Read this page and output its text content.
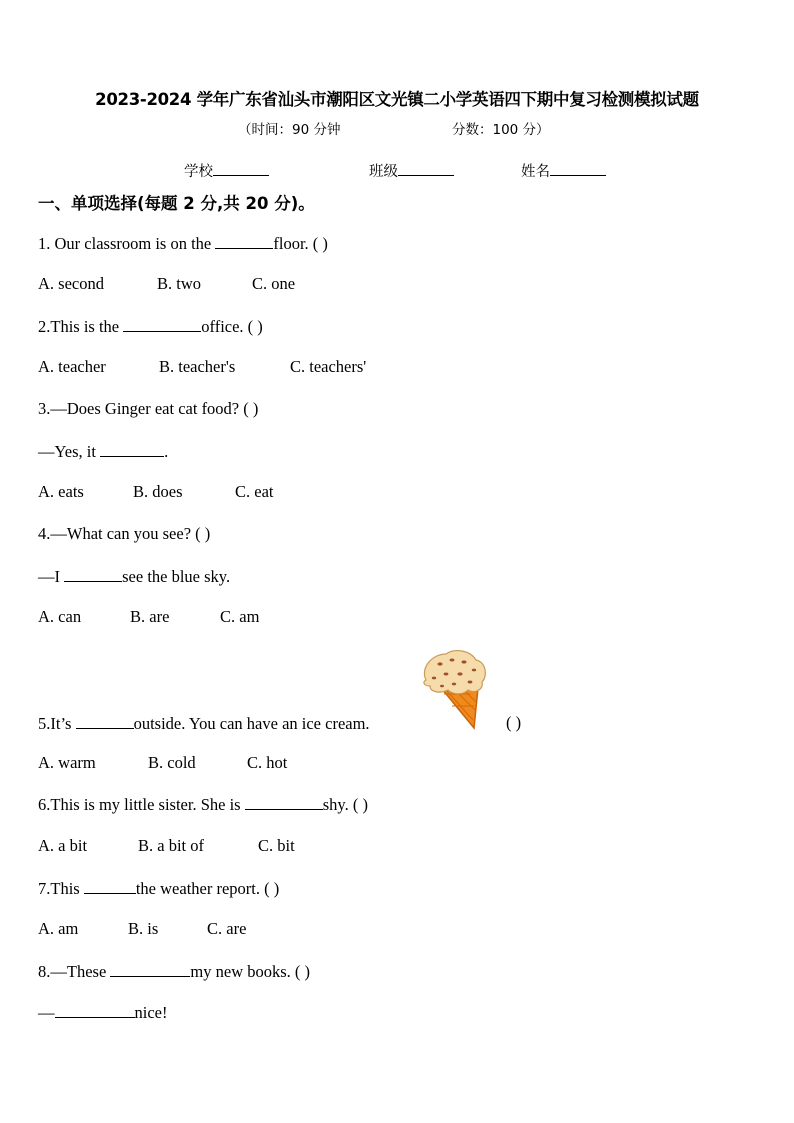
2023-2024 学年广东省汕头市潮阳区文光镇二小学英语四下期中复习检测模拟试题
（时间：90 分钟	分数：100 分）
学校	班级	姓名
一、单项选择(每题 2 分,共 20 分)。
1. Our classroom is on the	floor. ( )
A. second	B. two	C. one
2.This is the	office. ( )
A. teacher	B. teacher's	C. teachers'
3.—Does Ginger eat cat food? ( )
—Yes, it	.
A. eats	B. does	C. eat
4.—What can you see? ( )
—I	see the blue sky.
A. can	B. are	C. am
5.It’s	outside. You can have an ice cream.	( )
A. warm	B. cold	C. hot
6.This is my little sister. She is	shy. ( )
A. a bit	B. a bit of	C. bit
7.This	the weather report. ( )
A. am	B. is	C. are
8.—These	my new books. ( )
—	nice!
